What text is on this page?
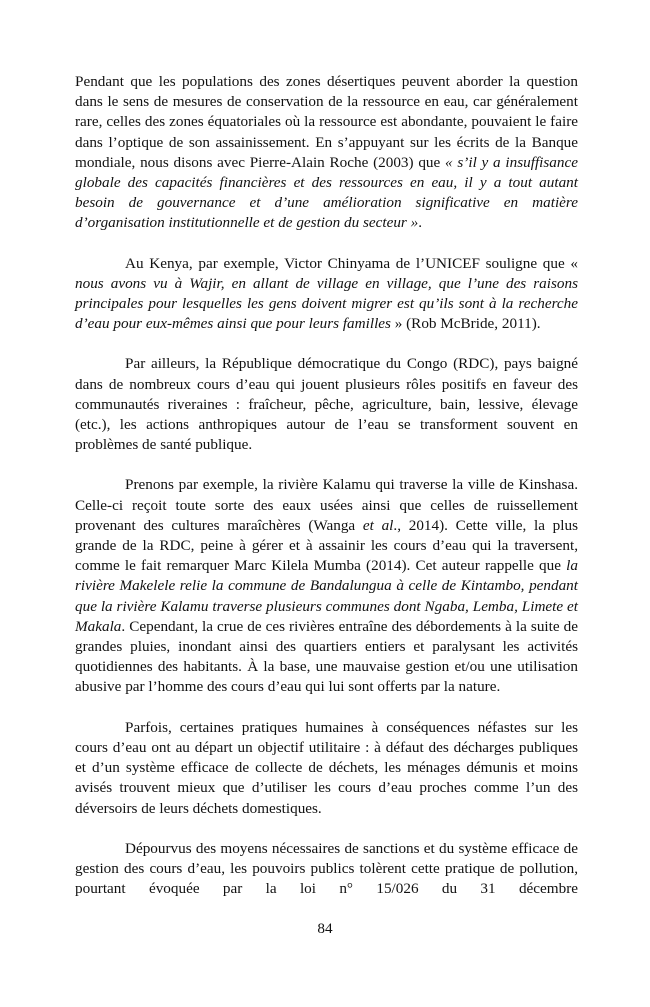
Pendant que les populations des zones désertiques peuvent aborder la question dans le sens de mesures de conservation de la ressource en eau, car généralement rare, celles des zones équatoriales où la ressource est abondante, pouvaient le faire dans l’optique de son assainissement. En s’appuyant sur les écrits de la Banque mondiale, nous disons avec Pierre-Alain Roche (2003) que « s’il y a insuffisance globale des capacités financières et des ressources en eau, il y a tout autant besoin de gouvernance et d’une amélioration significative en matière d’organisation institutionnelle et de gestion du secteur ».

Au Kenya, par exemple, Victor Chinyama de l’UNICEF souligne que « nous avons vu à Wajir, en allant de village en village, que l’une des raisons principales pour lesquelles les gens doivent migrer est qu’ils sont à la recherche d’eau pour eux-mêmes ainsi que pour leurs familles » (Rob McBride, 2011).

Par ailleurs, la République démocratique du Congo (RDC), pays baigné dans de nombreux cours d’eau qui jouent plusieurs rôles positifs en faveur des communautés riveraines : fraîcheur, pêche, agriculture, bain, lessive, élevage (etc.), les actions anthropiques autour de l’eau se transforment souvent en problèmes de santé publique.

Prenons par exemple, la rivière Kalamu qui traverse la ville de Kinshasa. Celle-ci reçoit toute sorte des eaux usées ainsi que celles de ruissellement provenant des cultures maraîchères (Wanga et al., 2014). Cette ville, la plus grande de la RDC, peine à gérer et à assainir les cours d’eau qui la traversent, comme le fait remarquer Marc Kilela Mumba (2014). Cet auteur rappelle que la rivière Makelele relie la commune de Bandalungua à celle de Kintambo, pendant que la rivière Kalamu traverse plusieurs communes dont Ngaba, Lemba, Limete et Makala. Cependant, la crue de ces rivières entraîne des débordements à la suite de grandes pluies, inondant ainsi des quartiers entiers et paralysant les activités quotidiennes des habitants. À la base, une mauvaise gestion et/ou une utilisation abusive par l’homme des cours d’eau qui lui sont offerts par la nature.

Parfois, certaines pratiques humaines à conséquences néfastes sur les cours d’eau ont au départ un objectif utilitaire : à défaut des décharges publiques et d’un système efficace de collecte de déchets, les ménages démunis et moins avisés trouvent mieux que d’utiliser les cours d’eau proches comme l’un des déversoirs de leurs déchets domestiques.

Dépourvus des moyens nécessaires de sanctions et du système efficace de gestion des cours d’eau, les pouvoirs publics tolèrent cette pratique de pollution, pourtant évoquée par la loi n° 15/026 du 31 décembre

84
